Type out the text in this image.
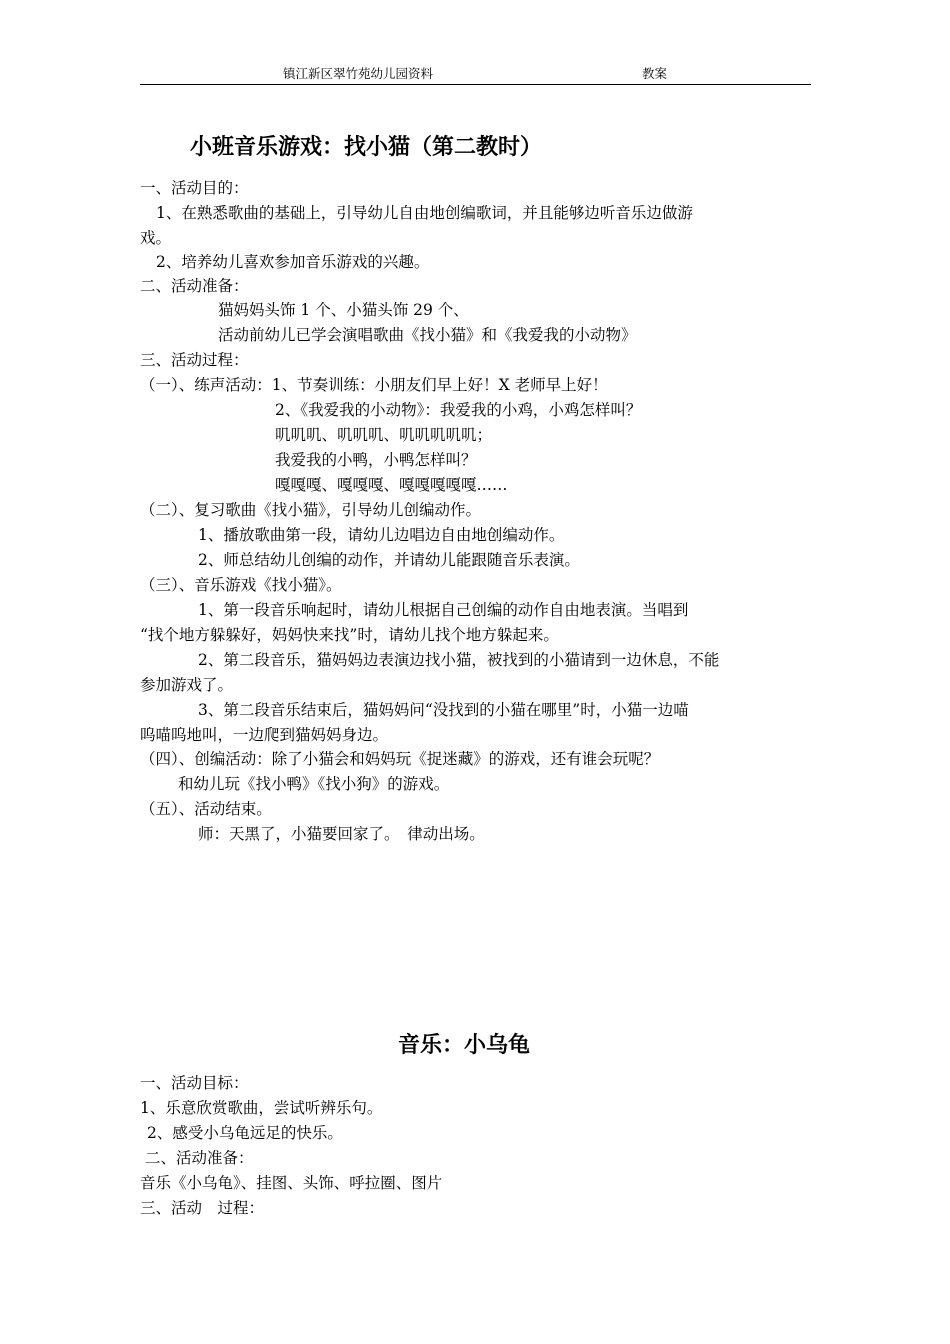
镇江新区翠竹苑幼儿园资料	教案
小班音乐游戏：找小猫（第二教时）
一、活动目的：
1、在熟悉歌曲的基础上，引导幼儿自由地创编歌词，并且能够边听音乐边做游
戏。
2、培养幼儿喜欢参加音乐游戏的兴趣。
二、活动准备：
猫妈妈头饰 1 个、小猫头饰 29 个、
活动前幼儿已学会演唱歌曲《找小猫》和《我爱我的小动物》
三、活动过程：
（一）、练声活动：1、节奏训练：小朋友们早上好！X 老师早上好！
2、《我爱我的小动物》：我爱我的小鸡，小鸡怎样叫？
叽叽叽、叽叽叽、叽叽叽叽叽；
我爱我的小鸭，小鸭怎样叫？
嘎嘎嘎、嘎嘎嘎、嘎嘎嘎嘎嘎……
（二）、复习歌曲《找小猫》，引导幼儿创编动作。
1、播放歌曲第一段，请幼儿边唱边自由地创编动作。
2、师总结幼儿创编的动作，并请幼儿能跟随音乐表演。
（三）、音乐游戏《找小猫》。
1、第一段音乐响起时，请幼儿根据自己创编的动作自由地表演。当唱到
“找个地方躲躲好，妈妈快来找”时，请幼儿找个地方躲起来。
2、第二段音乐，猫妈妈边表演边找小猫，被找到的小猫请到一边休息，不能
参加游戏了。
3、第二段音乐结束后，猫妈妈问“没找到的小猫在哪里”时，小猫一边喵
呜喵呜地叫，一边爬到猫妈妈身边。
（四）、创编活动：除了小猫会和妈妈玩《捉迷藏》的游戏，还有谁会玩呢？
和幼儿玩《找小鸭》《找小狗》的游戏。
（五）、活动结束。
师：天黑了，小猫要回家了。　律动出场。
音乐：小乌龟
一、活动目标：
1、乐意欣赏歌曲，尝试听辨乐句。
2、感受小乌龟远足的快乐。
二、活动准备：
音乐《小乌龟》、挂图、头饰、呼拉圈、图片
三、活动　过程：
